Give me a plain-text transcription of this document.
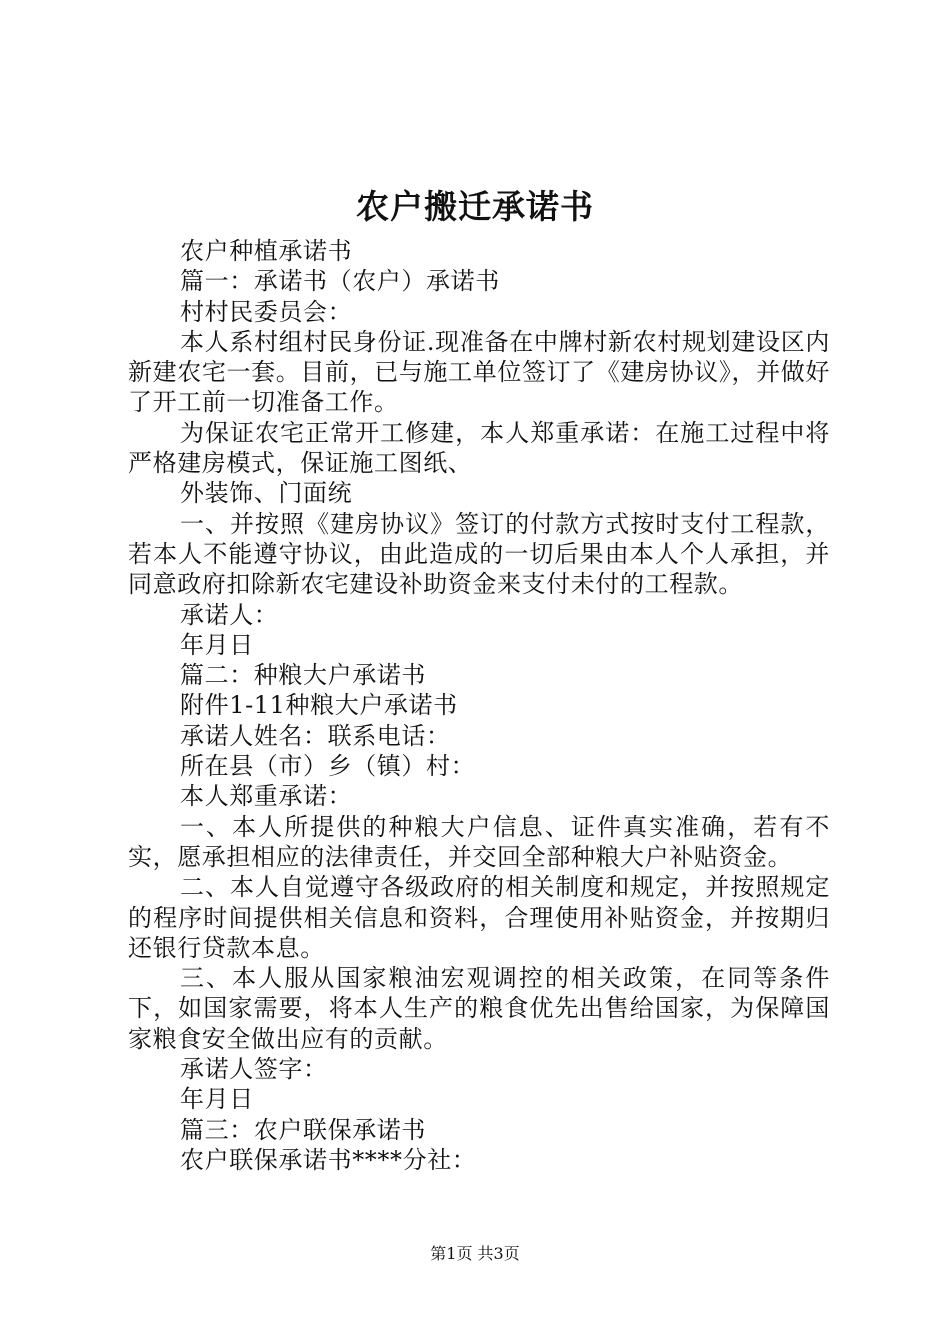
农户搬迁承诺书

农户种植承诺书

篇一：承诺书（农户）承诺书

村村民委员会：

本人系村组村民身份证.现准备在中牌村新农村规划建设区内新建农宅一套。目前，已与施工单位签订了《建房协议》，并做好了开工前一切准备工作。

为保证农宅正常开工修建，本人郑重承诺：在施工过程中将严格建房模式，保证施工图纸、

外装饰、门面统

一、并按照《建房协议》签订的付款方式按时支付工程款，若本人不能遵守协议，由此造成的一切后果由本人个人承担，并同意政府扣除新农宅建设补助资金来支付未付的工程款。

承诺人：

年月日

篇二：种粮大户承诺书

附件1-11种粮大户承诺书

承诺人姓名：联系电话：

所在县（市）乡（镇）村：

本人郑重承诺：

一、本人所提供的种粮大户信息、证件真实准确，若有不实，愿承担相应的法律责任，并交回全部种粮大户补贴资金。

二、本人自觉遵守各级政府的相关制度和规定，并按照规定的程序时间提供相关信息和资料，合理使用补贴资金，并按期归还银行贷款本息。

三、本人服从国家粮油宏观调控的相关政策，在同等条件下，如国家需要，将本人生产的粮食优先出售给国家，为保障国家粮食安全做出应有的贡献。

承诺人签字：

年月日

篇三：农户联保承诺书

农户联保承诺书****分社：

第1页 共3页
